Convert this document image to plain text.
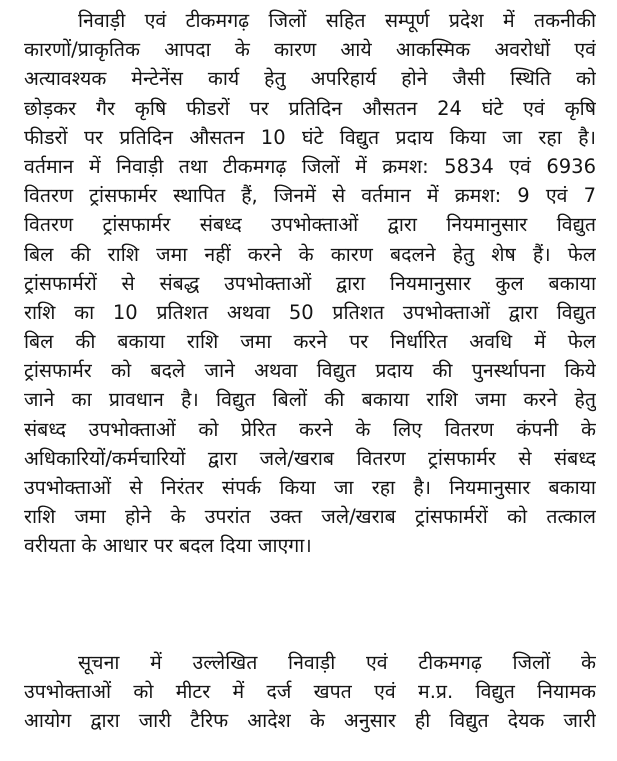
निवाड़ी एवं टीकमगढ़ जिलों सहित सम्पूर्ण प्रदेश में तकनीकी
कारणों/प्राकृतिक आपदा के कारण आये आकस्मिक अवरोधों एवं
अत्यावश्यक मेन्टेनेंस कार्य हेतु अपरिहार्य होने जैसी स्थिति को
छोड़कर गैर कृषि फीडरों पर प्रतिदिन औसतन 24 घंटे एवं कृषि
फीडरों पर प्रतिदिन औसतन 10 घंटे विद्युत प्रदाय किया जा रहा है।
वर्तमान में निवाड़ी तथा टीकमगढ़ जिलों में क्रमश: 5834 एवं 6936
वितरण ट्रांसफार्मर स्थापित हैं, जिनमें से वर्तमान में क्रमश: 9 एवं 7
वितरण ट्रांसफार्मर संबध्द उपभोक्ताओं द्वारा नियमानुसार विद्युत
बिल की राशि जमा नहीं करने के कारण बदलने हेतु शेष हैं। फेल
ट्रांसफार्मरों से संबद्ध उपभोक्ताओं द्वारा नियमानुसार कुल बकाया
राशि का 10 प्रतिशत अथवा 50 प्रतिशत उपभोक्ताओं द्वारा विद्युत
बिल की बकाया राशि जमा करने पर निर्धारित अवधि में फेल
ट्रांसफार्मर को बदले जाने अथवा विद्युत प्रदाय की पुनर्स्थापना किये
जाने का प्रावधान है। विद्युत बिलों की बकाया राशि जमा करने हेतु
संबध्द उपभोक्ताओं को प्रेरित करने के लिए वितरण कंपनी के
अधिकारियों/कर्मचारियों द्वारा जले/खराब वितरण ट्रांसफार्मर से संबध्द
उपभोक्ताओं से निरंतर संपर्क किया जा रहा है। नियमानुसार बकाया
राशि जमा होने के उपरांत उक्त जले/खराब ट्रांसफार्मरों को तत्काल
वरीयता के आधार पर बदल दिया जाएगा।
सूचना में उल्लेखित निवाड़ी एवं टीकमगढ़ जिलों के
उपभोक्ताओं को मीटर में दर्ज खपत एवं म.प्र. विद्युत नियामक
आयोग द्वारा जारी टैरिफ आदेश के अनुसार ही विद्युत देयक जारी
